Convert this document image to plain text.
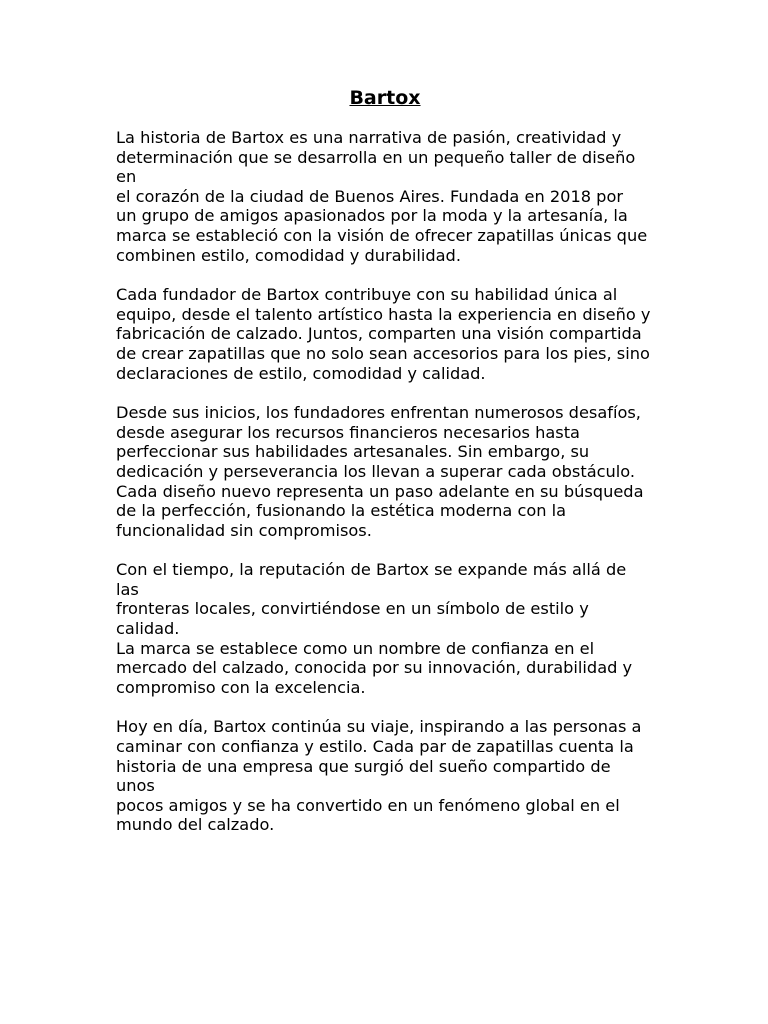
Bartox

La historia de Bartox es una narrativa de pasión, creatividad y
determinación que se desarrolla en un pequeño taller de diseño en
el corazón de la ciudad de Buenos Aires. Fundada en 2018 por
un grupo de amigos apasionados por la moda y la artesanía, la
marca se estableció con la visión de ofrecer zapatillas únicas que
combinen estilo, comodidad y durabilidad.

Cada fundador de Bartox contribuye con su habilidad única al
equipo, desde el talento artístico hasta la experiencia en diseño y
fabricación de calzado. Juntos, comparten una visión compartida
de crear zapatillas que no solo sean accesorios para los pies, sino
declaraciones de estilo, comodidad y calidad.

Desde sus inicios, los fundadores enfrentan numerosos desafíos,
desde asegurar los recursos financieros necesarios hasta
perfeccionar sus habilidades artesanales. Sin embargo, su
dedicación y perseverancia los llevan a superar cada obstáculo.
Cada diseño nuevo representa un paso adelante en su búsqueda
de la perfección, fusionando la estética moderna con la
funcionalidad sin compromisos.

Con el tiempo, la reputación de Bartox se expande más allá de las
fronteras locales, convirtiéndose en un símbolo de estilo y calidad.
La marca se establece como un nombre de confianza en el
mercado del calzado, conocida por su innovación, durabilidad y
compromiso con la excelencia.

Hoy en día, Bartox continúa su viaje, inspirando a las personas a
caminar con confianza y estilo. Cada par de zapatillas cuenta la
historia de una empresa que surgió del sueño compartido de unos
pocos amigos y se ha convertido en un fenómeno global en el
mundo del calzado.
